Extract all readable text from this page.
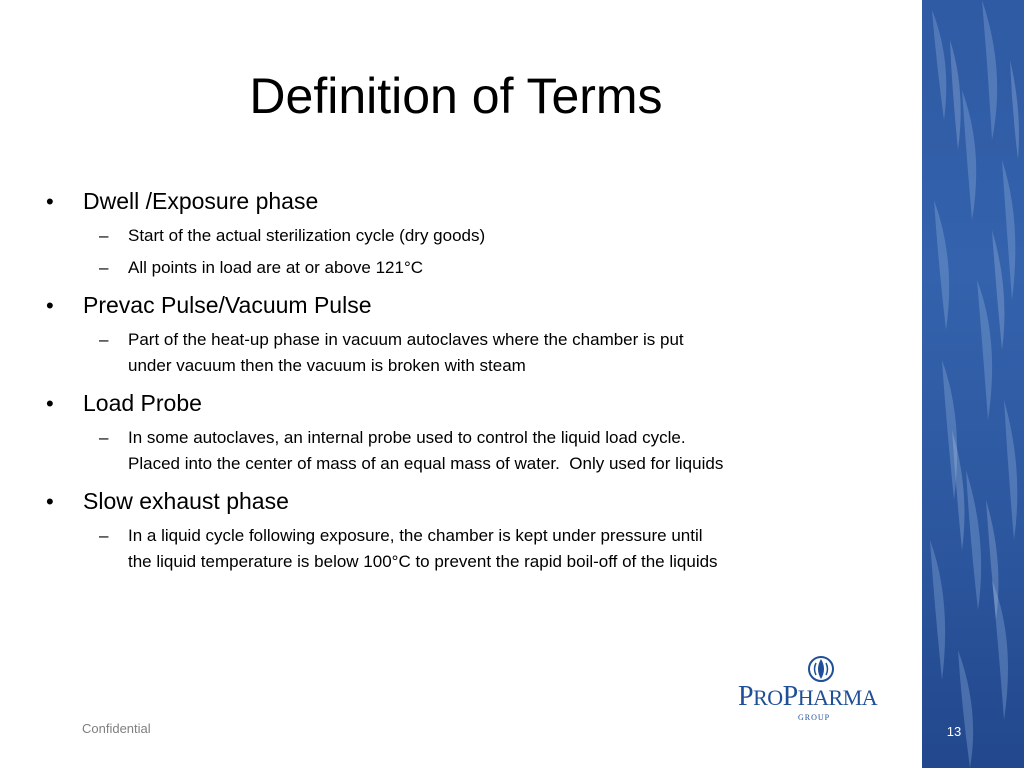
Definition of Terms
• Dwell /Exposure phase
– Start of the actual sterilization cycle (dry goods)
– All points in load are at or above 121°C
• Prevac Pulse/Vacuum Pulse
– Part of the heat-up phase in vacuum autoclaves where the chamber is put
under vacuum then the vacuum is broken with steam
• Load Probe
– In some autoclaves, an internal probe used to control the liquid load cycle.
Placed into the center of mass of an equal mass of water.  Only used for liquids
• Slow exhaust phase
– In a liquid cycle following exposure, the chamber is kept under pressure until
the liquid temperature is below 100°C to prevent the rapid boil-off of the liquids
PROPHARMA
GROUP
Confidential	13
